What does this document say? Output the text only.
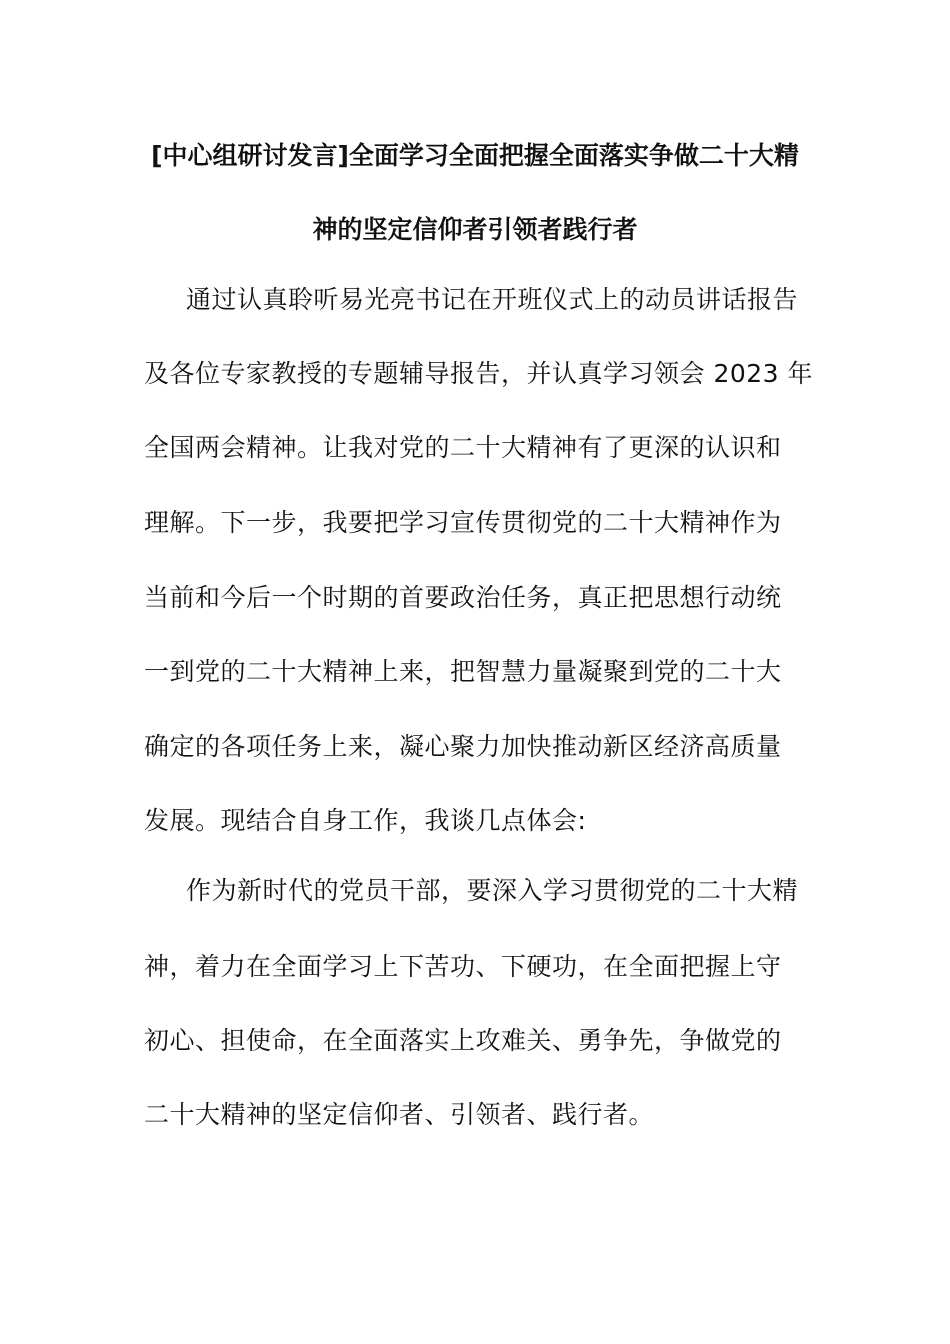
[中心组研讨发言]全面学习全面把握全面落实争做二十大精
神的坚定信仰者引领者践行者
通过认真聆听易光亮书记在开班仪式上的动员讲话报告
及各位专家教授的专题辅导报告，并认真学习领会 2023 年
全国两会精神。让我对党的二十大精神有了更深的认识和
理解。下一步，我要把学习宣传贯彻党的二十大精神作为
当前和今后一个时期的首要政治任务，真正把思想行动统
一到党的二十大精神上来，把智慧力量凝聚到党的二十大
确定的各项任务上来，凝心聚力加快推动新区经济高质量
发展。现结合自身工作，我谈几点体会:
作为新时代的党员干部，要深入学习贯彻党的二十大精
神，着力在全面学习上下苦功、下硬功，在全面把握上守
初心、担使命，在全面落实上攻难关、勇争先，争做党的
二十大精神的坚定信仰者、引领者、践行者。
